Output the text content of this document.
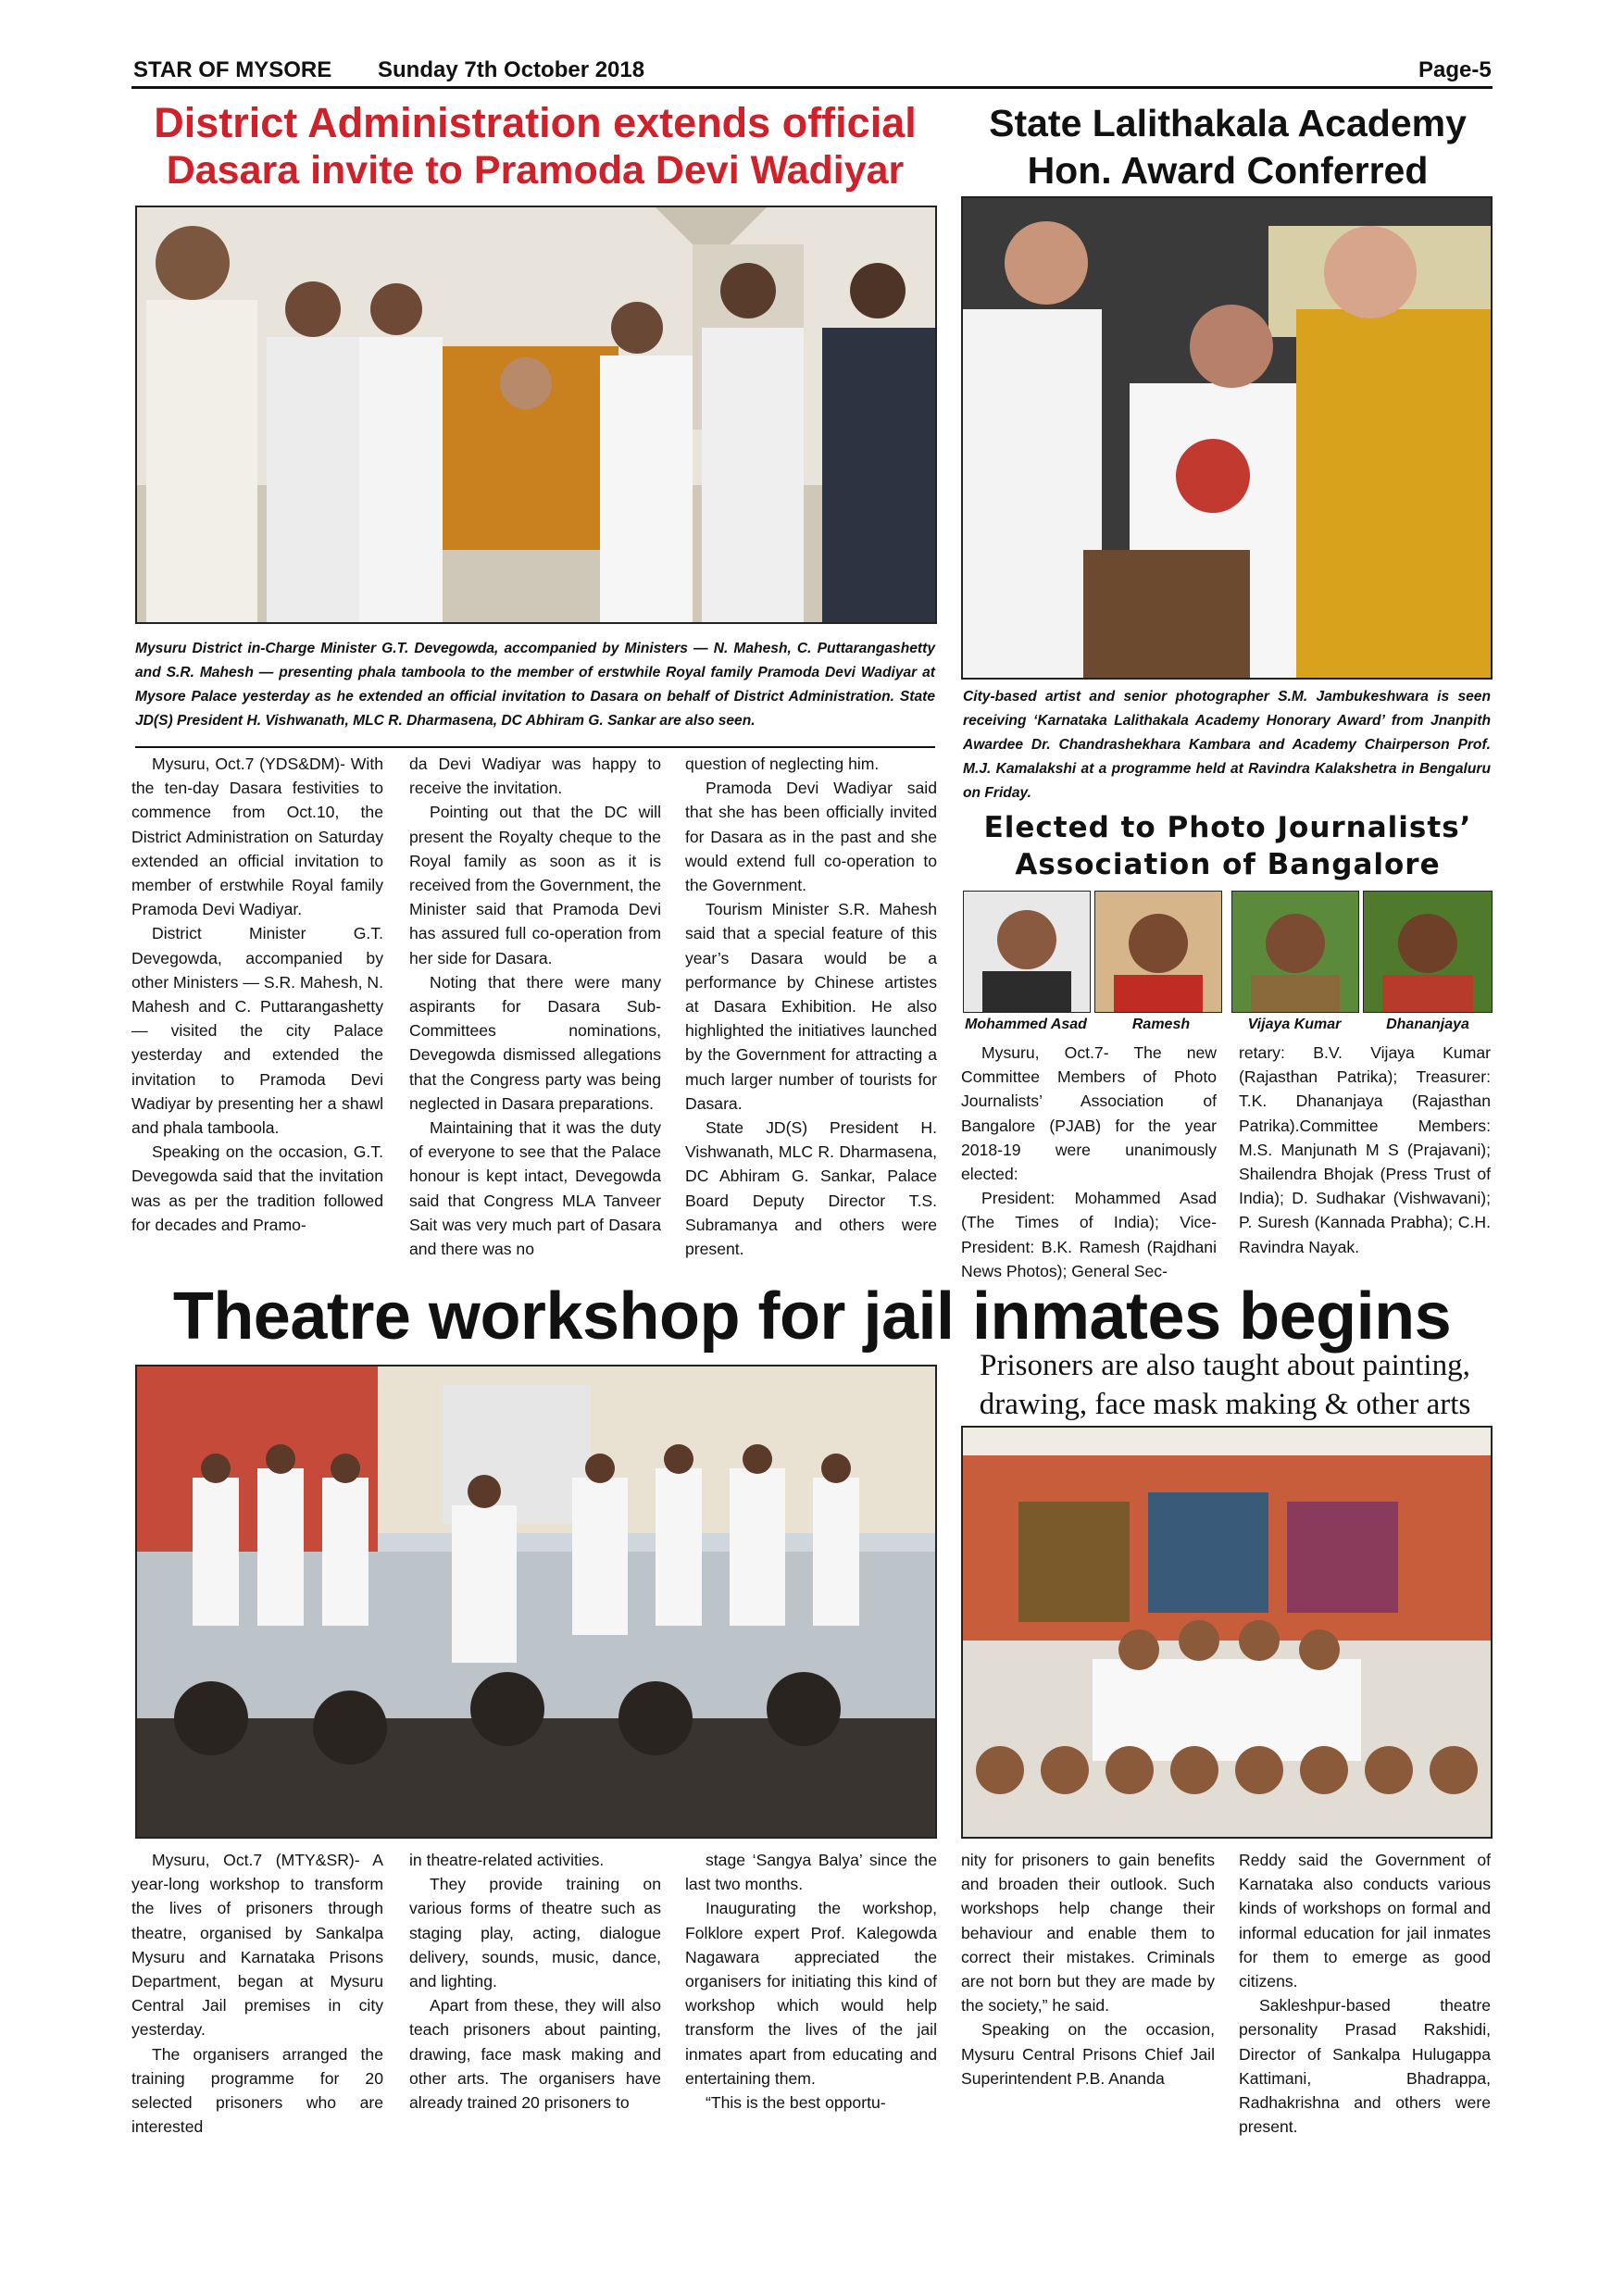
STAR OF MYSORE Sunday 7th October 2018	Page-5
District Administration extends official
Dasara invite to Pramoda Devi Wadiyar
Mysuru District in-Charge Minister G.T. Devegowda, accompanied by Ministers — N. Mahesh, C. Puttarangashetty and S.R. Mahesh — presenting phala tamboola to the member of erstwhile Royal family Pramoda Devi Wadiyar at Mysore Palace yesterday as he extended an official invitation to Dasara on behalf of District Administration. State JD(S) President H. Vishwanath, MLC R. Dharmasena, DC Abhiram G. Sankar are also seen.

Mysuru, Oct.7 (YDS&DM)- With the ten-day Dasara festivities to commence from Oct.10, the District Administration on Saturday extended an official invitation to member of erstwhile Royal family Pramoda Devi Wadiyar.

District Minister G.T. Devegowda, accompanied by other Ministers — S.R. Mahesh, N. Mahesh and C. Puttarangashetty — visited the city Palace yesterday and extended the invitation to Pramoda Devi Wadiyar by presenting her a shawl and phala tamboola.

Speaking on the occasion, G.T. Devegowda said that the invitation was as per the tradition followed for decades and Pramo-

da Devi Wadiyar was happy to receive the invitation.

Pointing out that the DC will present the Royalty cheque to the Royal family as soon as it is received from the Government, the Minister said that Pramoda Devi has assured full co-operation from her side for Dasara.

Noting that there were many aspirants for Dasara Sub-Committees nominations, Devegowda dismissed allegations that the Congress party was being neglected in Dasara preparations.

Maintaining that it was the duty of everyone to see that the Palace honour is kept intact, Devegowda said that Congress MLA Tanveer Sait was very much part of Dasara and there was no

question of neglecting him.

Pramoda Devi Wadiyar said that she has been officially invited for Dasara as in the past and she would extend full co-operation to the Government.

Tourism Minister S.R. Mahesh said that a special feature of this year’s Dasara would be a performance by Chinese artistes at Dasara Exhibition. He also highlighted the initiatives launched by the Government for attracting a much larger number of tourists for Dasara.

State JD(S) President H. Vishwanath, MLC R. Dharmasena, DC Abhiram G. Sankar, Palace Board Deputy Director T.S. Subramanya and others were present.

State Lalithakala Academy
Hon. Award Conferred
City-based artist and senior photographer S.M. Jambukeshwara is seen receiving ‘Karnataka Lalithakala Academy Honorary Award’ from Jnanpith Awardee Dr. Chandrashekhara Kambara and Academy Chairperson Prof. M.J. Kamalakshi at a programme held at Ravindra Kalakshetra in Bengaluru on Friday.
Elected to Photo Journalists’
Association of Bangalore
Mohammed Asad	Ramesh	Vijaya Kumar	Dhananjaya

Mysuru, Oct.7- The new Committee Members of Photo Journalists’ Association of Bangalore (PJAB) for the year 2018-19 were unanimously elected:

President: Mohammed Asad (The Times of India); Vice-President: B.K. Ramesh (Rajdhani News Photos); General Sec-

retary: B.V. Vijaya Kumar (Rajasthan Patrika); Treasurer: T.K. Dhananjaya (Rajasthan Patrika).Committee Members: M.S. Manjunath M S (Prajavani); Shailendra Bhojak (Press Trust of India); D. Sudhakar (Vishwavani); P. Suresh (Kannada Prabha); C.H. Ravindra Nayak.

Theatre workshop for jail inmates begins
Prisoners are also taught about painting,
drawing, face mask making & other arts

Mysuru, Oct.7 (MTY&SR)- A year-long workshop to transform the lives of prisoners through theatre, organised by Sankalpa Mysuru and Karnataka Prisons Department, began at Mysuru Central Jail premises in city yesterday.

The organisers arranged the training programme for 20 selected prisoners who are interested

in theatre-related activities.

They provide training on various forms of theatre such as staging play, acting, dialogue delivery, sounds, music, dance, and lighting.

Apart from these, they will also teach prisoners about painting, drawing, face mask making and other arts. The organisers have already trained 20 prisoners to

stage ‘Sangya Balya’ since the last two months.

Inaugurating the workshop, Folklore expert Prof. Kalegowda Nagawara appreciated the organisers for initiating this kind of workshop which would help transform the lives of the jail inmates apart from educating and entertaining them.

“This is the best opportu-

nity for prisoners to gain benefits and broaden their outlook. Such workshops help change their behaviour and enable them to correct their mistakes. Criminals are not born but they are made by the society,” he said.

Speaking on the occasion, Mysuru Central Prisons Chief Jail Superintendent P.B. Ananda

Reddy said the Government of Karnataka also conducts various kinds of workshops on formal and informal education for jail inmates for them to emerge as good citizens.

Sakleshpur-based theatre personality Prasad Rakshidi, Director of Sankalpa Hulugappa Kattimani, Bhadrappa, Radhakrishna and others were present.
